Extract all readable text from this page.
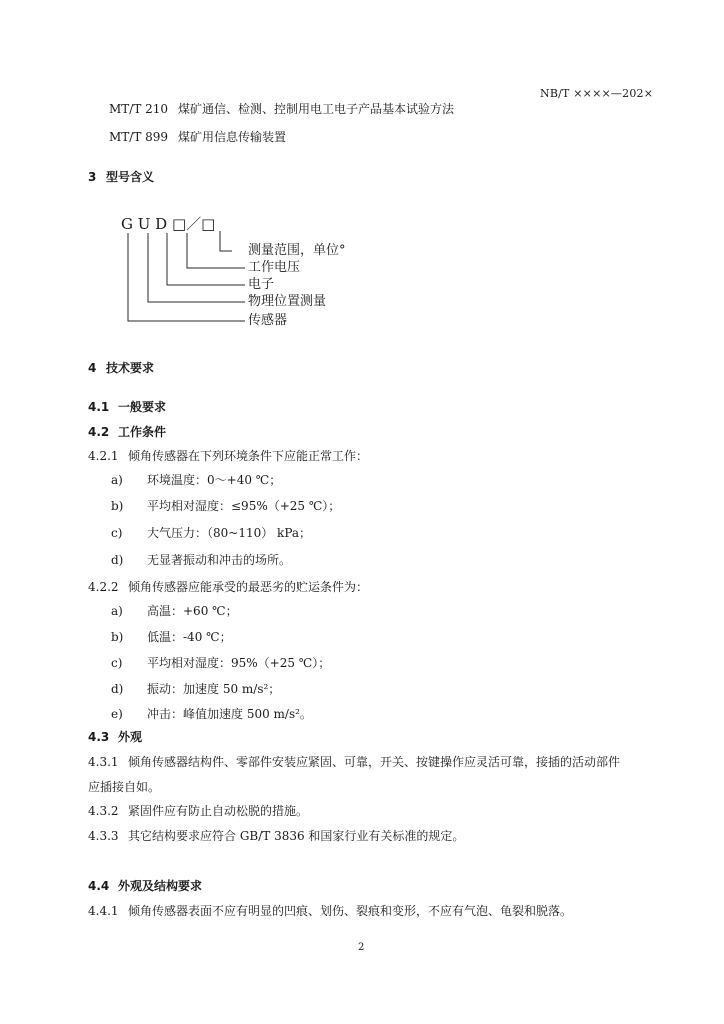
NB/T ××××—202×
MT/T 210 煤矿通信、检测、控制用电工电子产品基本试验方法
MT/T 899 煤矿用信息传输装置
3 型号含义
G U D □／□
测量范围，单位°
工作电压
电子
物理位置测量
传感器
4 技术要求
4.1 一般要求
4.2 工作条件
4.2.1 倾角传感器在下列环境条件下应能正常工作：
a) 环境温度：0～+40 ℃；
b) 平均相对湿度：≤95%（+25 ℃）；
c) 大气压力：（80~110） kPa；
d) 无显著振动和冲击的场所。
4.2.2 倾角传感器应能承受的最恶劣的贮运条件为：
a) 高温：+60 ℃；
b) 低温：-40 ℃；
c) 平均相对湿度：95%（+25 ℃）；
d) 振动：加速度 50 m/s²；
e) 冲击：峰值加速度 500 m/s²。
4.3 外观
4.3.1 倾角传感器结构件、零部件安装应紧固、可靠，开关、按键操作应灵活可靠，接插的活动部件
应插接自如。
4.3.2 紧固件应有防止自动松脱的措施。
4.3.3 其它结构要求应符合 GB/T 3836 和国家行业有关标准的规定。
4.4 外观及结构要求
4.4.1 倾角传感器表面不应有明显的凹痕、划伤、裂痕和变形，不应有气泡、龟裂和脱落。
2
